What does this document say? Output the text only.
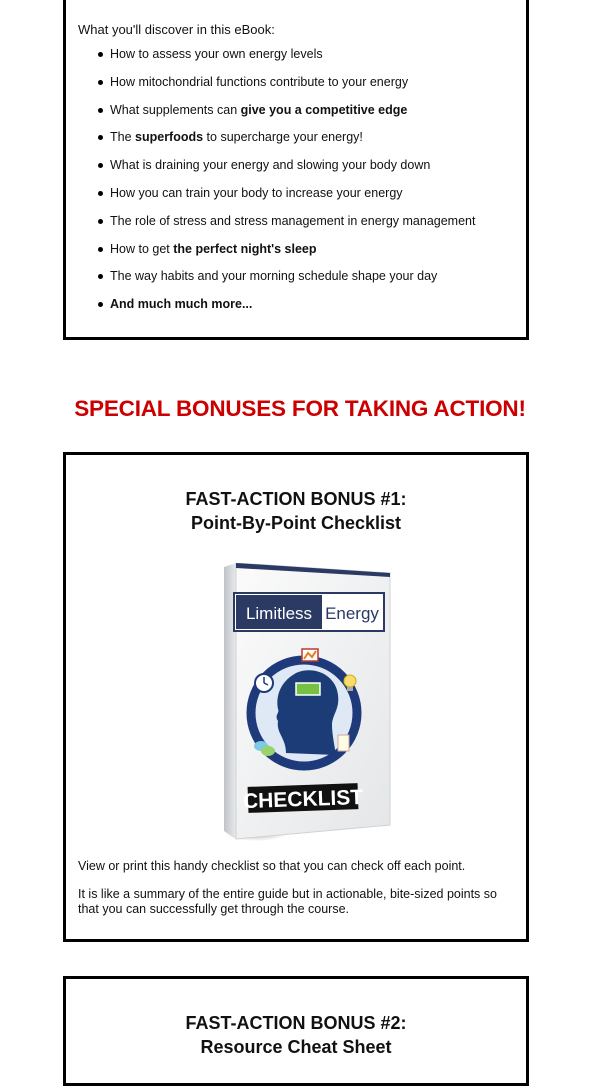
What you'll discover in this eBook:
How to assess your own energy levels
How mitochondrial functions contribute to your energy
What supplements can give you a competitive edge
The superfoods to supercharge your energy!
What is draining your energy and slowing your body down
How you can train your body to increase your energy
The role of stress and stress management in energy management
How to get the perfect night's sleep
The way habits and your morning schedule shape your day
And much much more...
SPECIAL BONUSES FOR TAKING ACTION!
FAST-ACTION BONUS #1:
Point-By-Point Checklist
Limitless Energy
CHECKLIST
View or print this handy checklist so that you can check off each point.
It is like a summary of the entire guide but in actionable, bite-sized points so that you can successfully get through the course.
FAST-ACTION BONUS #2:
Resource Cheat Sheet
